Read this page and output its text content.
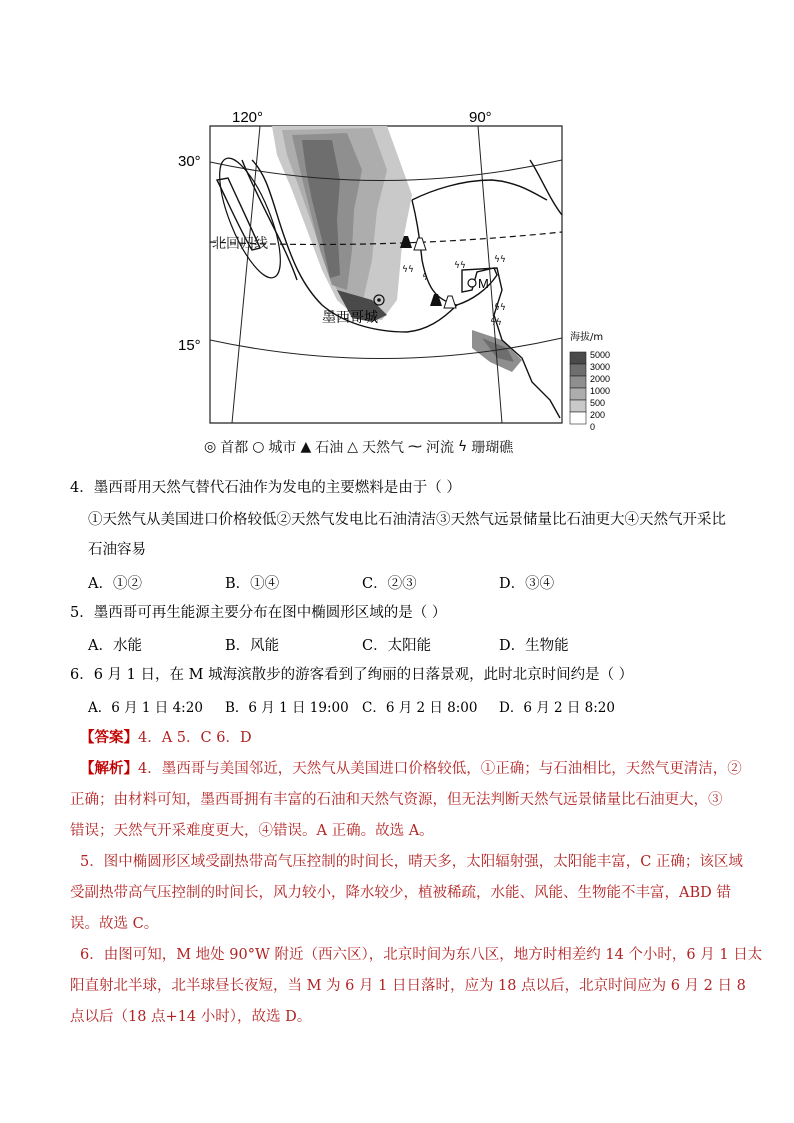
120°	90°
30°
15°
北回归线
墨西哥城
M
ϟϟ	ϟϟ
ϟ
ϟϟ
ϟϟ
ϟϟ
海拔/m
5000
3000
2000
1000
500
200
0
◎ 首都 ○ 城市 ▲ 石油 △ 天然气 ⁓ 河流 ϟ 珊瑚礁
4．墨西哥用天然气替代石油作为发电的主要燃料是由于（ ）
①天然气从美国进口价格较低②天然气发电比石油清洁③天然气远景储量比石油更大④天然气开采比
石油容易
A．①②	B．①④	C．②③	D．③④
5．墨西哥可再生能源主要分布在图中椭圆形区域的是（ ）
A．水能	B．风能	C．太阳能	D．生物能
6．6 月 1 日，在 M 城海滨散步的游客看到了绚丽的日落景观，此时北京时间约是（ ）
A．6 月 1 日 4:20	B．6 月 1 日 19:00 C．6 月 2 日 8:00	D．6 月 2 日 8:20
【答案】4．A 5．C 6．D
【解析】4．墨西哥与美国邻近，天然气从美国进口价格较低，①正确；与石油相比，天然气更清洁，②
正确；由材料可知，墨西哥拥有丰富的石油和天然气资源，但无法判断天然气远景储量比石油更大，③
错误；天然气开采难度更大，④错误。A 正确。故选 A。
5．图中椭圆形区域受副热带高气压控制的时间长，晴天多，太阳辐射强，太阳能丰富，C 正确；该区域
受副热带高气压控制的时间长，风力较小，降水较少，植被稀疏，水能、风能、生物能不丰富，ABD 错
误。故选 C。
6．由图可知，M 地处 90°W 附近（西六区），北京时间为东八区，地方时相差约 14 个小时，6 月 1 日太
阳直射北半球，北半球昼长夜短，当 M 为 6 月 1 日日落时，应为 18 点以后，北京时间应为 6 月 2 日 8
点以后（18 点+14 小时），故选 D。
